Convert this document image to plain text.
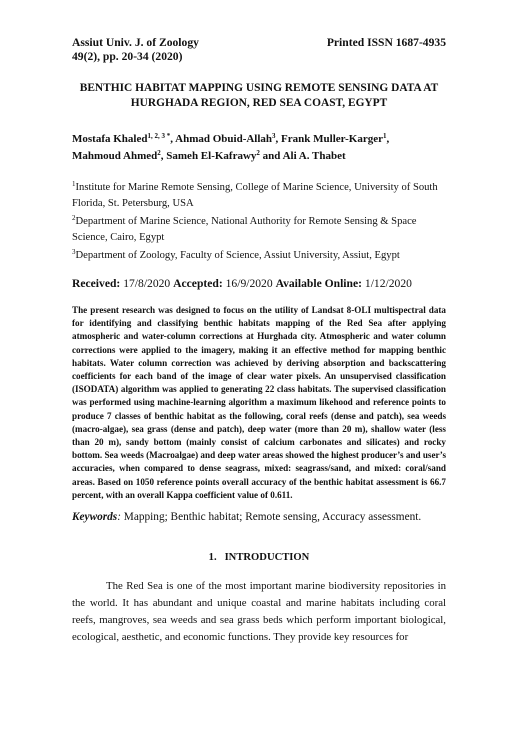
Assiut Univ. J. of Zoology	Printed ISSN 1687-4935
49(2), pp. 20-34 (2020)
BENTHIC HABITAT MAPPING USING REMOTE SENSING DATA AT HURGHADA REGION, RED SEA COAST, EGYPT
Mostafa Khaled$^{1, 2, 3 *}$, Ahmad Obuid-Allah$^3$, Frank Muller-Karger$^1$,
Mahmoud Ahmed$^2$, Sameh El-Kafrawy$^2$ and Ali A. Thabet
$^1$Institute for Marine Remote Sensing, College of Marine Science, University of South Florida, St. Petersburg, USA
$^2$Department of Marine Science, National Authority for Remote Sensing & Space Science, Cairo, Egypt
$^3$Department of Zoology, Faculty of Science, Assiut University, Assiut, Egypt
Received: 17/8/2020 Accepted: 16/9/2020 Available Online: 1/12/2020
The present research was designed to focus on the utility of Landsat 8-OLI multispectral data for identifying and classifying benthic habitats mapping of the Red Sea after applying atmospheric and water-column corrections at Hurghada city. Atmospheric and water column corrections were applied to the imagery, making it an effective method for mapping benthic habitats. Water column correction was achieved by deriving absorption and backscattering coefficients for each band of the image of clear water pixels. An unsupervised classification (ISODATA) algorithm was applied to generating 22 class habitats. The supervised classification was performed using machine-learning algorithm a maximum likehood and reference points to produce 7 classes of benthic habitat as the following, coral reefs (dense and patch), sea weeds (macro-algae), sea grass (dense and patch), deep water (more than 20 m), shallow water (less than 20 m), sandy bottom (mainly consist of calcium carbonates and silicates) and rocky bottom. Sea weeds (Macroalgae) and deep water areas showed the highest producer’s and user’s accuracies, when compared to dense seagrass, mixed: seagrass/sand, and mixed: coral/sand areas. Based on 1050 reference points overall accuracy of the benthic habitat assessment is 66.7 percent, with an overall Kappa coefficient value of 0.611.
Keywords: Mapping; Benthic habitat; Remote sensing, Accuracy assessment.
1. INTRODUCTION
The Red Sea is one of the most important marine biodiversity repositories in the world. It has abundant and unique coastal and marine habitats including coral reefs, mangroves, sea weeds and sea grass beds which perform important biological, ecological, aesthetic, and economic functions. They provide key resources for
